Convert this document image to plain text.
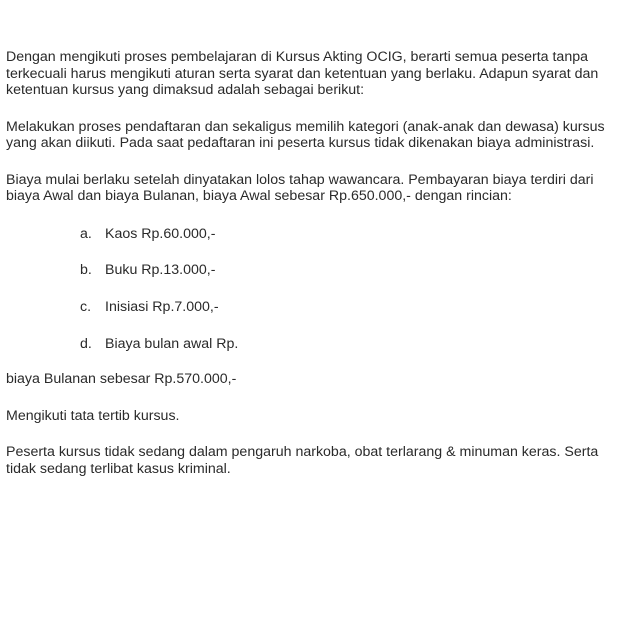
Dengan mengikuti proses pembelajaran di Kursus Akting OCIG, berarti semua peserta tanpa terkecuali harus mengikuti aturan serta syarat dan ketentuan yang berlaku. Adapun syarat dan ketentuan kursus yang dimaksud adalah sebagai berikut:

Melakukan proses pendaftaran dan sekaligus memilih kategori (anak-anak dan dewasa) kursus yang akan diikuti. Pada saat pedaftaran ini peserta kursus tidak dikenakan biaya administrasi.

Biaya mulai berlaku setelah dinyatakan lolos tahap wawancara. Pembayaran biaya terdiri dari biaya Awal dan biaya Bulanan, biaya Awal sebesar Rp.650.000,- dengan rincian:

a. Kaos Rp.60.000,-
b. Buku Rp.13.000,-
c. Inisiasi Rp.7.000,-
d. Biaya bulan awal Rp.

biaya Bulanan sebesar Rp.570.000,-

Mengikuti tata tertib kursus.

Peserta kursus tidak sedang dalam pengaruh narkoba, obat terlarang & minuman keras. Serta tidak sedang terlibat kasus kriminal.
